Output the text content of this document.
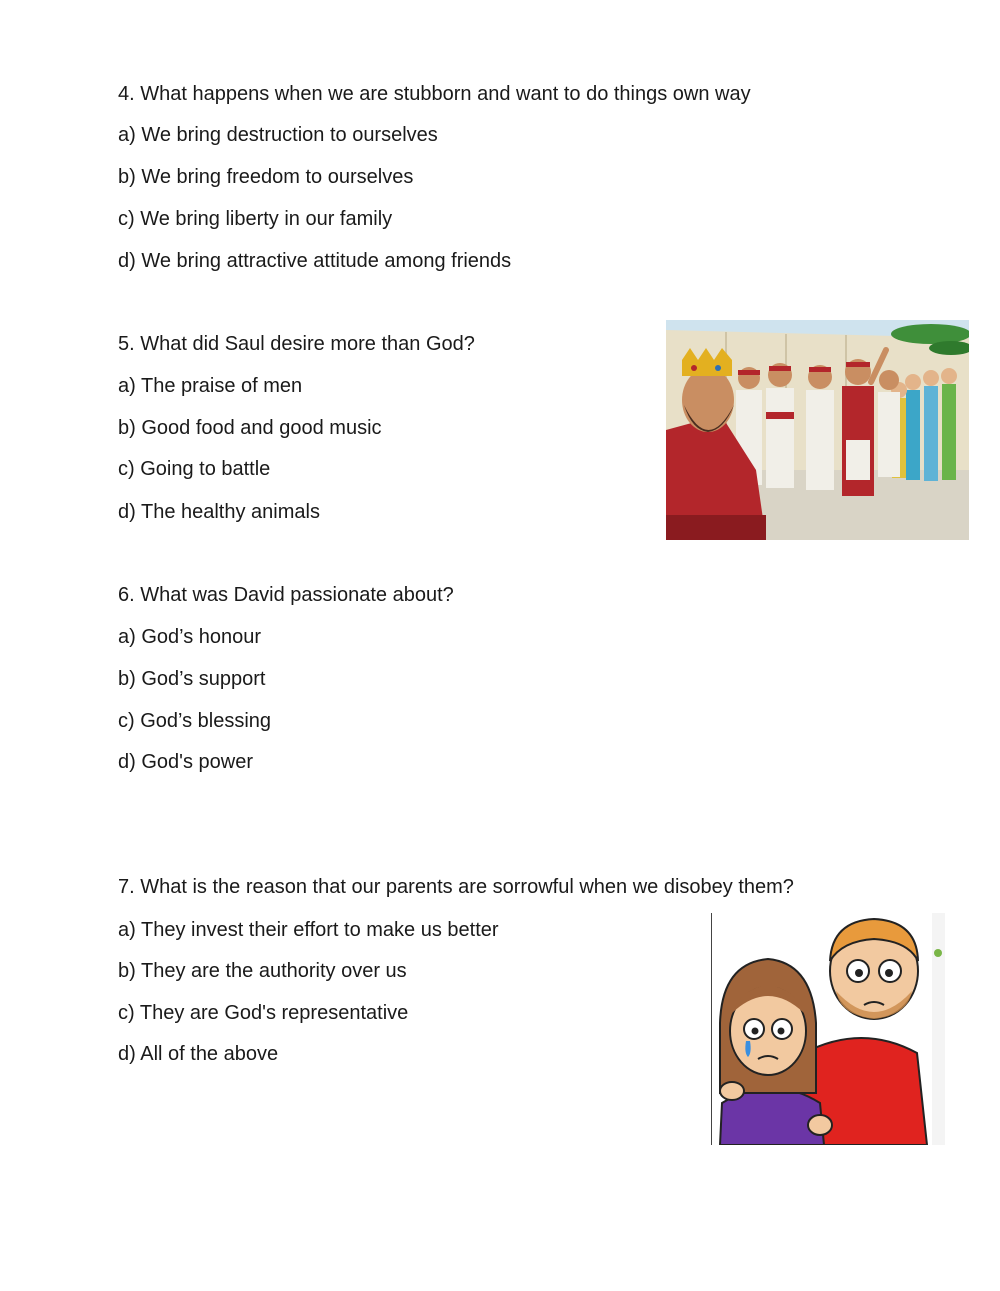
4. What happens when we are stubborn and want to do things own way
a) We bring destruction to ourselves
b) We bring freedom to ourselves
c) We bring liberty in our family
d) We bring attractive attitude among friends
5. What did Saul desire more than God?
a) The praise of men
b) Good food and good music
c) Going to battle
d) The healthy animals
6. What was David passionate about?
a) God’s honour
b) God’s support
c) God’s blessing
d) God's power
7. What is the reason that our parents are sorrowful when we disobey them?
a) They invest their effort to make us better
b) They are the authority over us
c) They are God's representative
d) All of the above
